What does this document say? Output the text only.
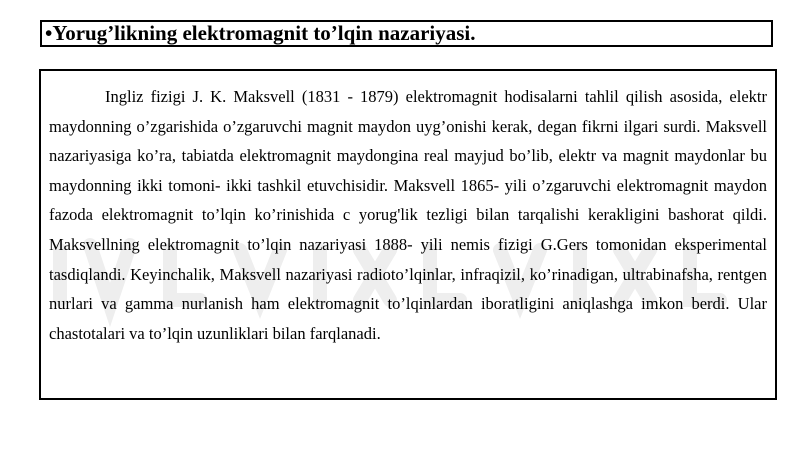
•Yorug’likning elektromagnit to’lqin nazariyasi.

Ingliz fizigi J. K. Maksvell (1831 - 1879) elektromagnit hodisalarni tahlil qilish asosida, elektr maydonning o’zgarishida o’zgaruvchi magnit maydon uyg’onishi kerak, degan fikrni ilgari surdi. Maksvell nazariyasiga ko’ra, tabiatda elektromagnit maydongina real mayjud bo’lib, elektr va magnit maydonlar bu maydonning ikki tomoni- ikki tashkil etuvchisidir. Maksvell 1865- yili o’zgaruvchi elektromagnit maydon fazoda elektromagnit to’lqin ko’rinishida c yorug'lik tezligi bilan tarqalishi kerakligini bashorat qildi. Maksvellning elektromagnit to’lqin nazariyasi 1888- yili nemis fizigi G.Gers tomonidan eksperimental tasdiqlandi. Keyinchalik, Maksvell nazariyasi radioto’lqinlar, infraqizil, ko’rinadigan, ultrabinafsha, rentgen nurlari va gamma nurlanish ham elektromagnit to’lqinlardan iboratligini aniqlashga imkon berdi. Ular chastotalari va to’lqin uzunliklari bilan farqlanadi.
